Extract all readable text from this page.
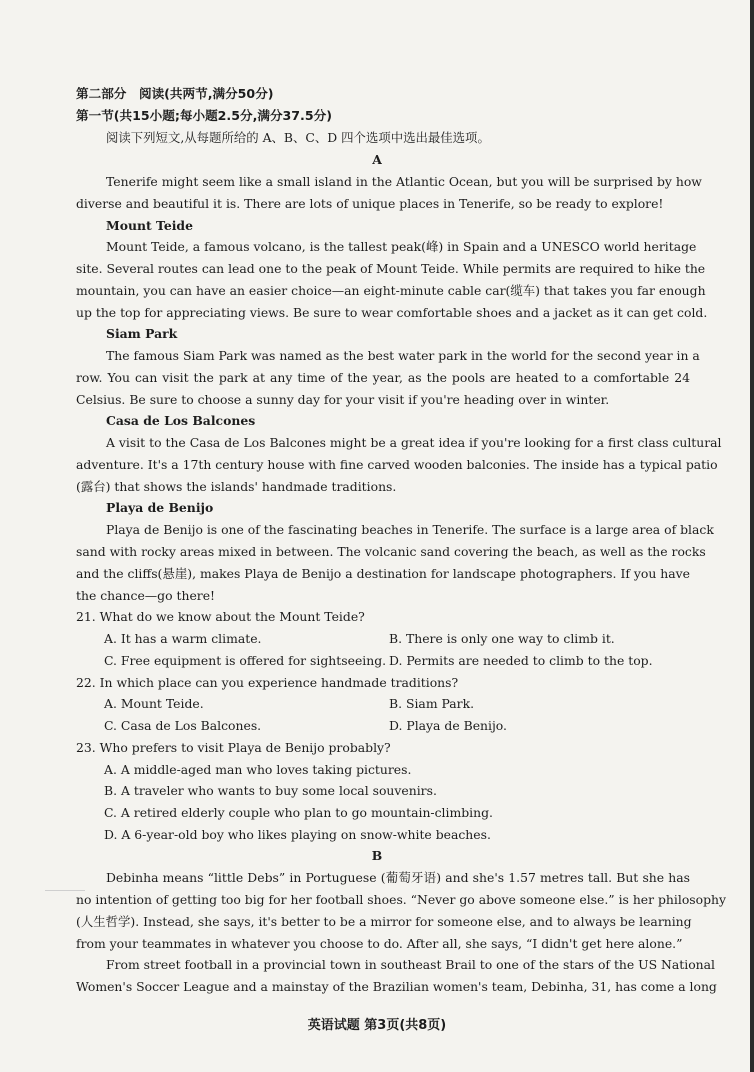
第二部分　阅读(共两节,满分50分)
第一节(共15小题;每小题2.5分,满分37.5分)
阅读下列短文,从每题所给的 A、B、C、D 四个选项中选出最佳选项。
A
Tenerife might seem like a small island in the Atlantic Ocean, but you will be surprised by how
diverse and beautiful it is. There are lots of unique places in Tenerife, so be ready to explore!
Mount Teide
Mount Teide, a famous volcano, is the tallest peak(峰) in Spain and a UNESCO world heritage
site. Several routes can lead one to the peak of Mount Teide. While permits are required to hike the
mountain, you can have an easier choice—an eight-minute cable car(缆车) that takes you far enough
up the top for appreciating views. Be sure to wear comfortable shoes and a jacket as it can get cold.
Siam Park
The famous Siam Park was named as the best water park in the world for the second year in a
row. You can visit the park at any time of the year, as the pools are heated to a comfortable 24
Celsius. Be sure to choose a sunny day for your visit if you're heading over in winter.
Casa de Los Balcones
A visit to the Casa de Los Balcones might be a great idea if you're looking for a first class cultural
adventure. It's a 17th century house with fine carved wooden balconies. The inside has a typical patio
(露台) that shows the islands' handmade traditions.
Playa de Benijo
Playa de Benijo is one of the fascinating beaches in Tenerife. The surface is a large area of black
sand with rocky areas mixed in between. The volcanic sand covering the beach, as well as the rocks
and the cliffs(悬崖), makes Playa de Benijo a destination for landscape photographers. If you have
the chance—go there!
21. What do we know about the Mount Teide?
A. It has a warm climate.	B. There is only one way to climb it.
C. Free equipment is offered for sightseeing. D. Permits are needed to climb to the top.
22. In which place can you experience handmade traditions?
A. Mount Teide.	B. Siam Park.
C. Casa de Los Balcones.	D. Playa de Benijo.
23. Who prefers to visit Playa de Benijo probably?
A. A middle-aged man who loves taking pictures.
B. A traveler who wants to buy some local souvenirs.
C. A retired elderly couple who plan to go mountain-climbing.
D. A 6-year-old boy who likes playing on snow-white beaches.
B
Debinha means “little Debs” in Portuguese (葡萄牙语) and she's 1.57 metres tall. But she has
no intention of getting too big for her football shoes. “Never go above someone else.” is her philosophy
(人生哲学). Instead, she says, it's better to be a mirror for someone else, and to always be learning
from your teammates in whatever you choose to do. After all, she says, “I didn't get here alone.”
From street football in a provincial town in southeast Brail to one of the stars of the US National
Women's Soccer League and a mainstay of the Brazilian women's team, Debinha, 31, has come a long
英语试题 第3页(共8页)
